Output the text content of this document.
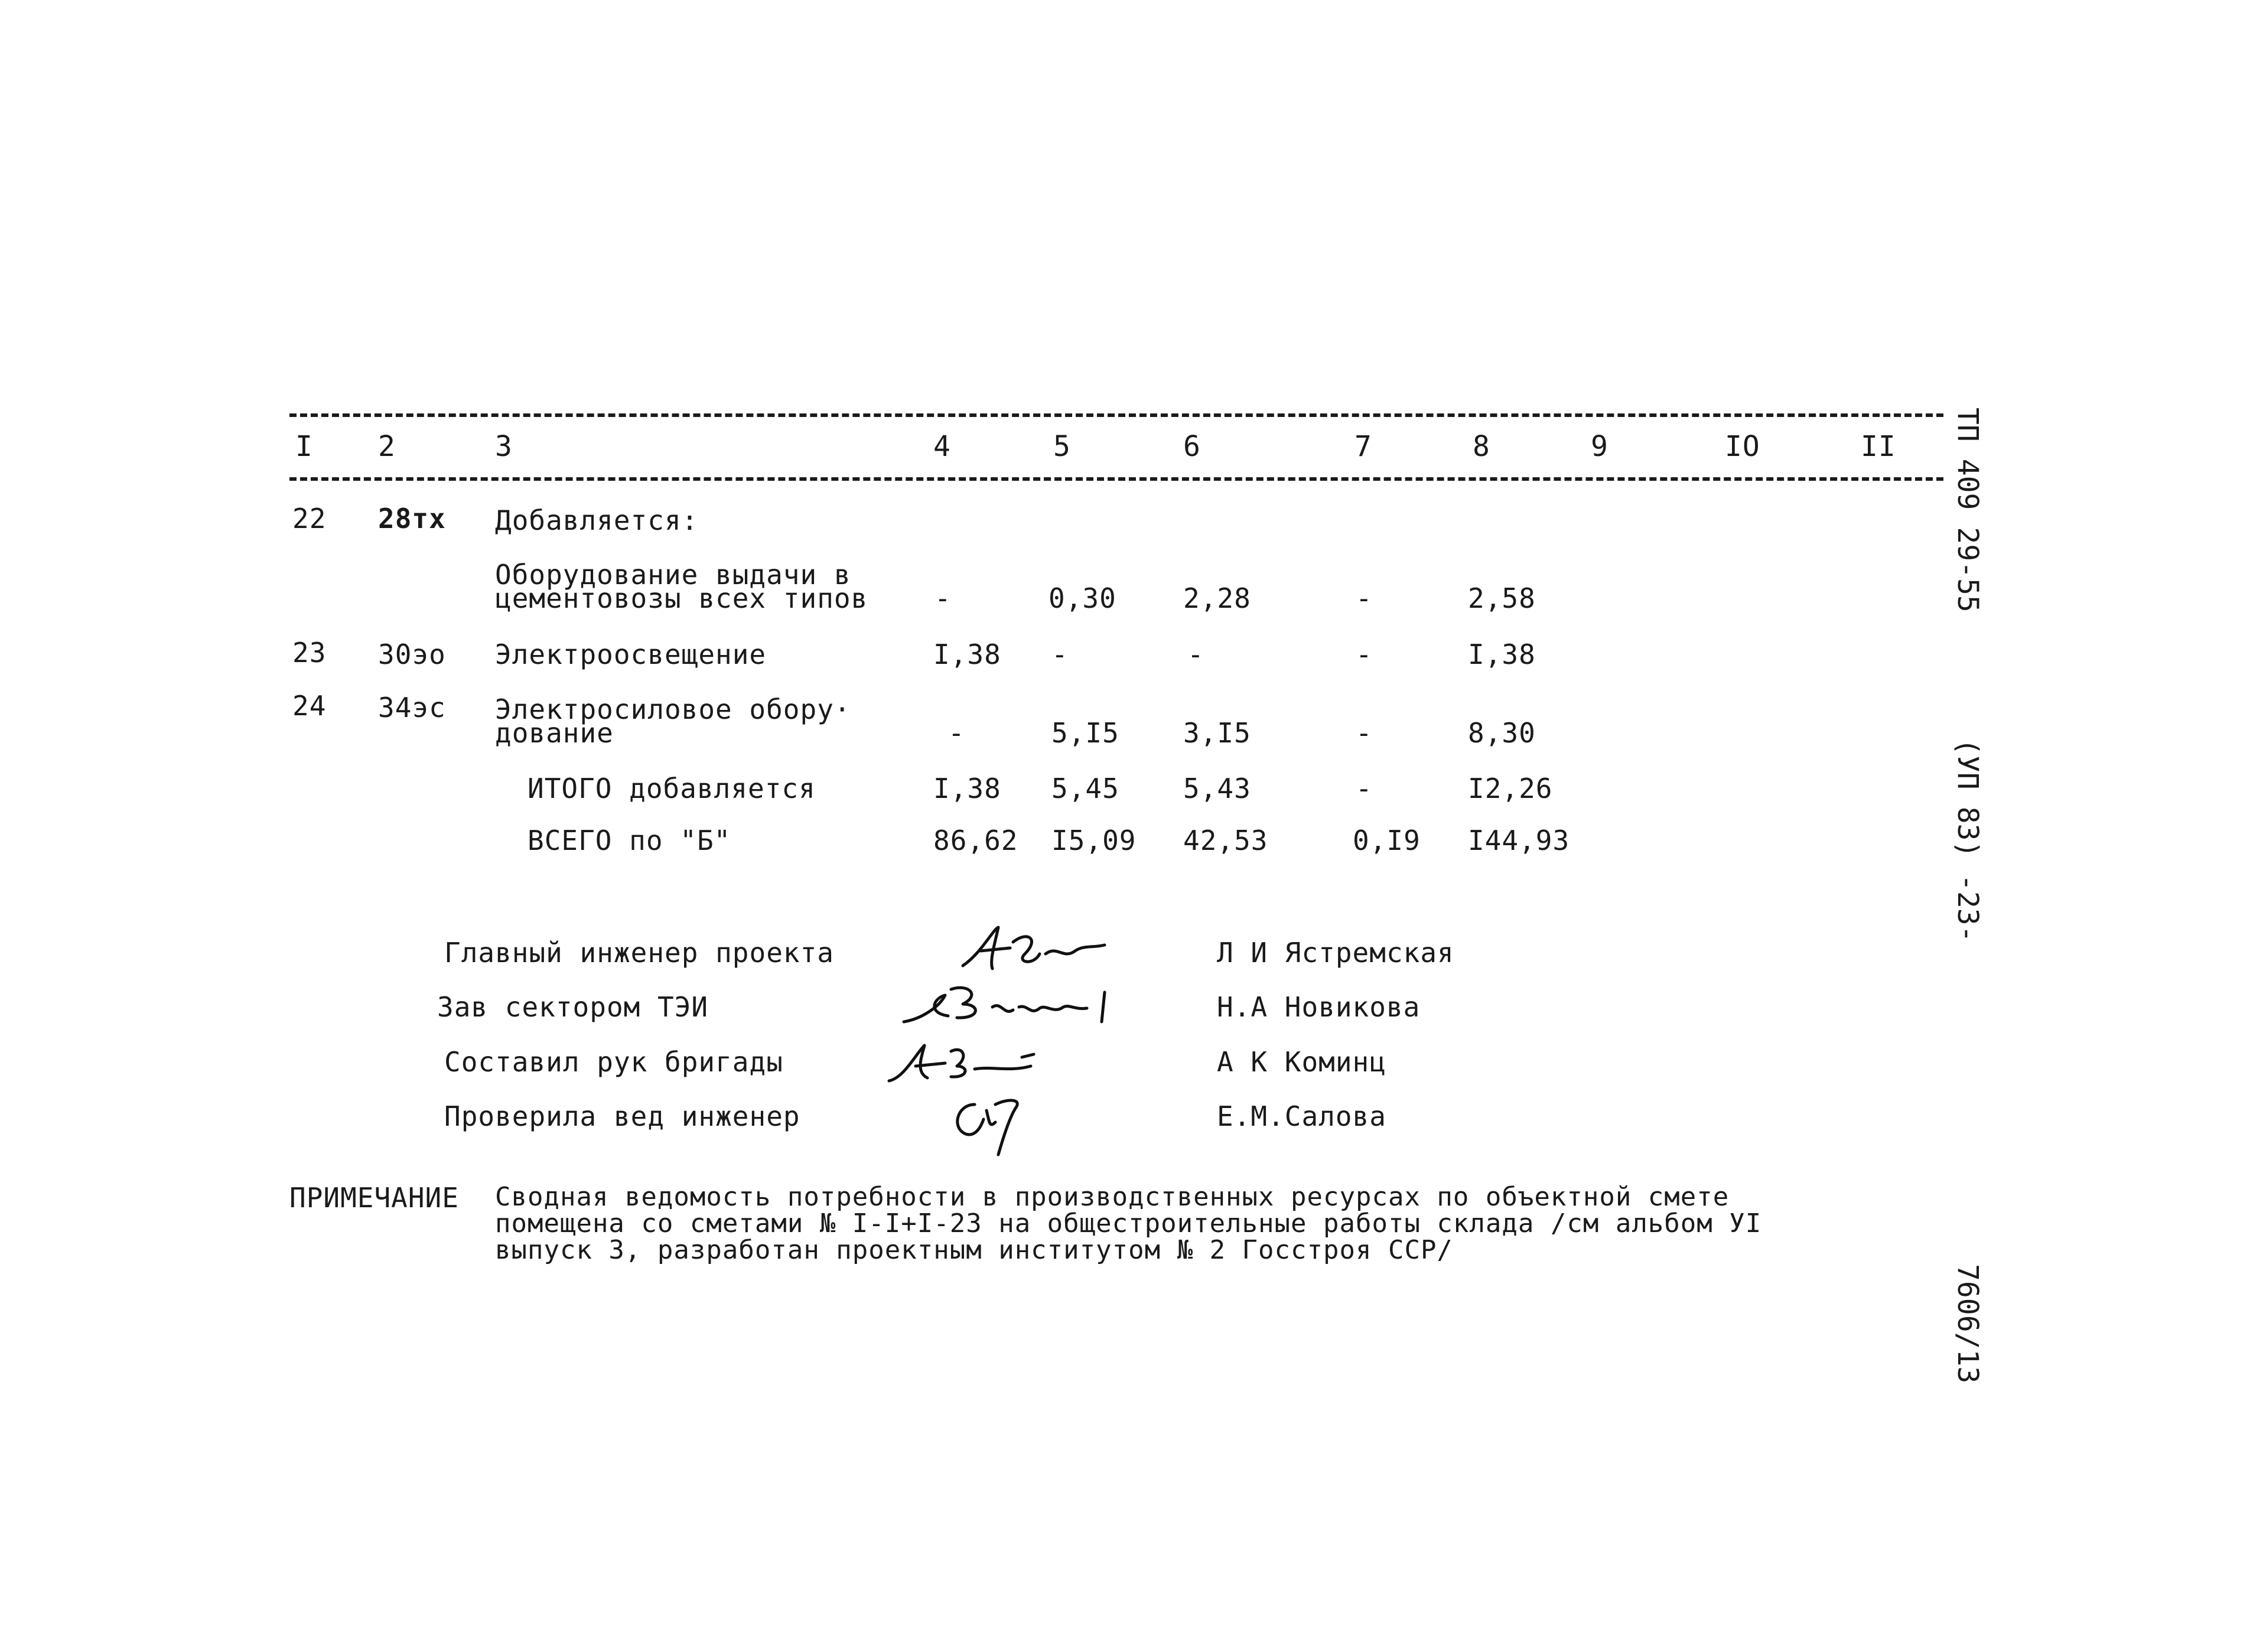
I 2	3	4	5	6	7	8	9	IO	II
22 28тх Добавляется:
Оборудование выдачи в
цементовозы всех типов -	0,30 2,28	-	2,58
23 30эо Электроосвещение	I,38 -	-	-	I,38
24 34эс Электросиловое обору·
дование	-	5,I5 3,I5	-	8,30
ИТОГО добавляется	I,38 5,45 5,43	-	I2,26
ВСЕГО по "Б"	86,62 I5,09 42,53	0,I9 I44,93
Главный инженер проекта	Л И Ястремская
Зав сектором ТЭИ	Н.А Новикова
Составил рук бригады	А К Коминц
Проверила вед инженер	Е.М.Салова
ПРИМЕЧАНИЕ Сводная ведомость потребности в производственных ресурсах по объектной смете
помещена со сметами № I-I+I-23 на общестроительные работы склада /см альбом УI
выпуск 3, разработан проектным институтом № 2 Госстроя ССР/
ТП 409 29-55
(УП 83)
-23-
7606/13
